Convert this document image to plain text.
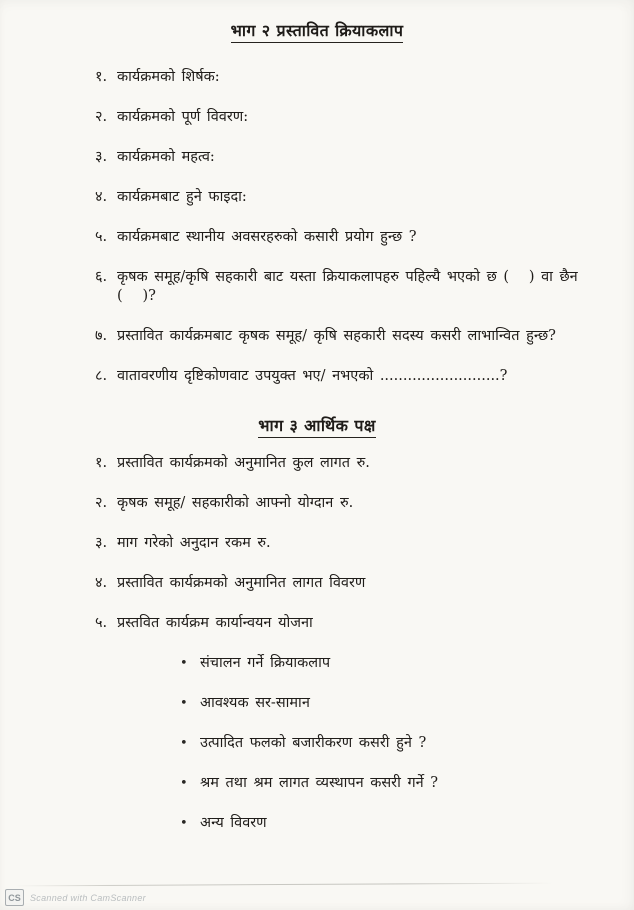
भाग २ प्रस्तावित क्रियाकलाप
१. कार्यक्रमको शिर्षक:
२. कार्यक्रमको पूर्ण विवरण:
३. कार्यक्रमको महत्व:
४. कार्यक्रमबाट हुने फाइदा:
५. कार्यक्रमबाट स्थानीय अवसरहरुको कसारी प्रयोग हुन्छ ?
६. कृषक समूह/कृषि सहकारी बाट यस्ता क्रियाकलापहरु पहिल्यै भएको छ (   ) वा छैन (   )?
७. प्रस्तावित कार्यक्रमबाट कृषक समूह/ कृषि सहकारी सदस्य कसरी लाभान्वित हुन्छ?
८. वातावरणीय दृष्टिकोणवाट उपयुक्त भए/ नभएको ..........................?
भाग ३ आर्थिक पक्ष
१. प्रस्तावित कार्यक्रमको अनुमानित कुल लागत रु.
२. कृषक समूह/ सहकारीको आफ्नो योग्दान रु.
३. माग गरेको अनुदान रकम रु.
४. प्रस्तावित कार्यक्रमको अनुमानित लागत विवरण
५. प्रस्तवित कार्यक्रम कार्यान्वयन योजना
• संचालन गर्ने क्रियाकलाप
• आवश्यक सर-सामान
• उत्पादित फलको बजारीकरण कसरी हुने ?
• श्रम तथा श्रम लागत व्यस्थापन कसरी गर्ने ?
• अन्य विवरण
CS	Scanned with CamScanner
